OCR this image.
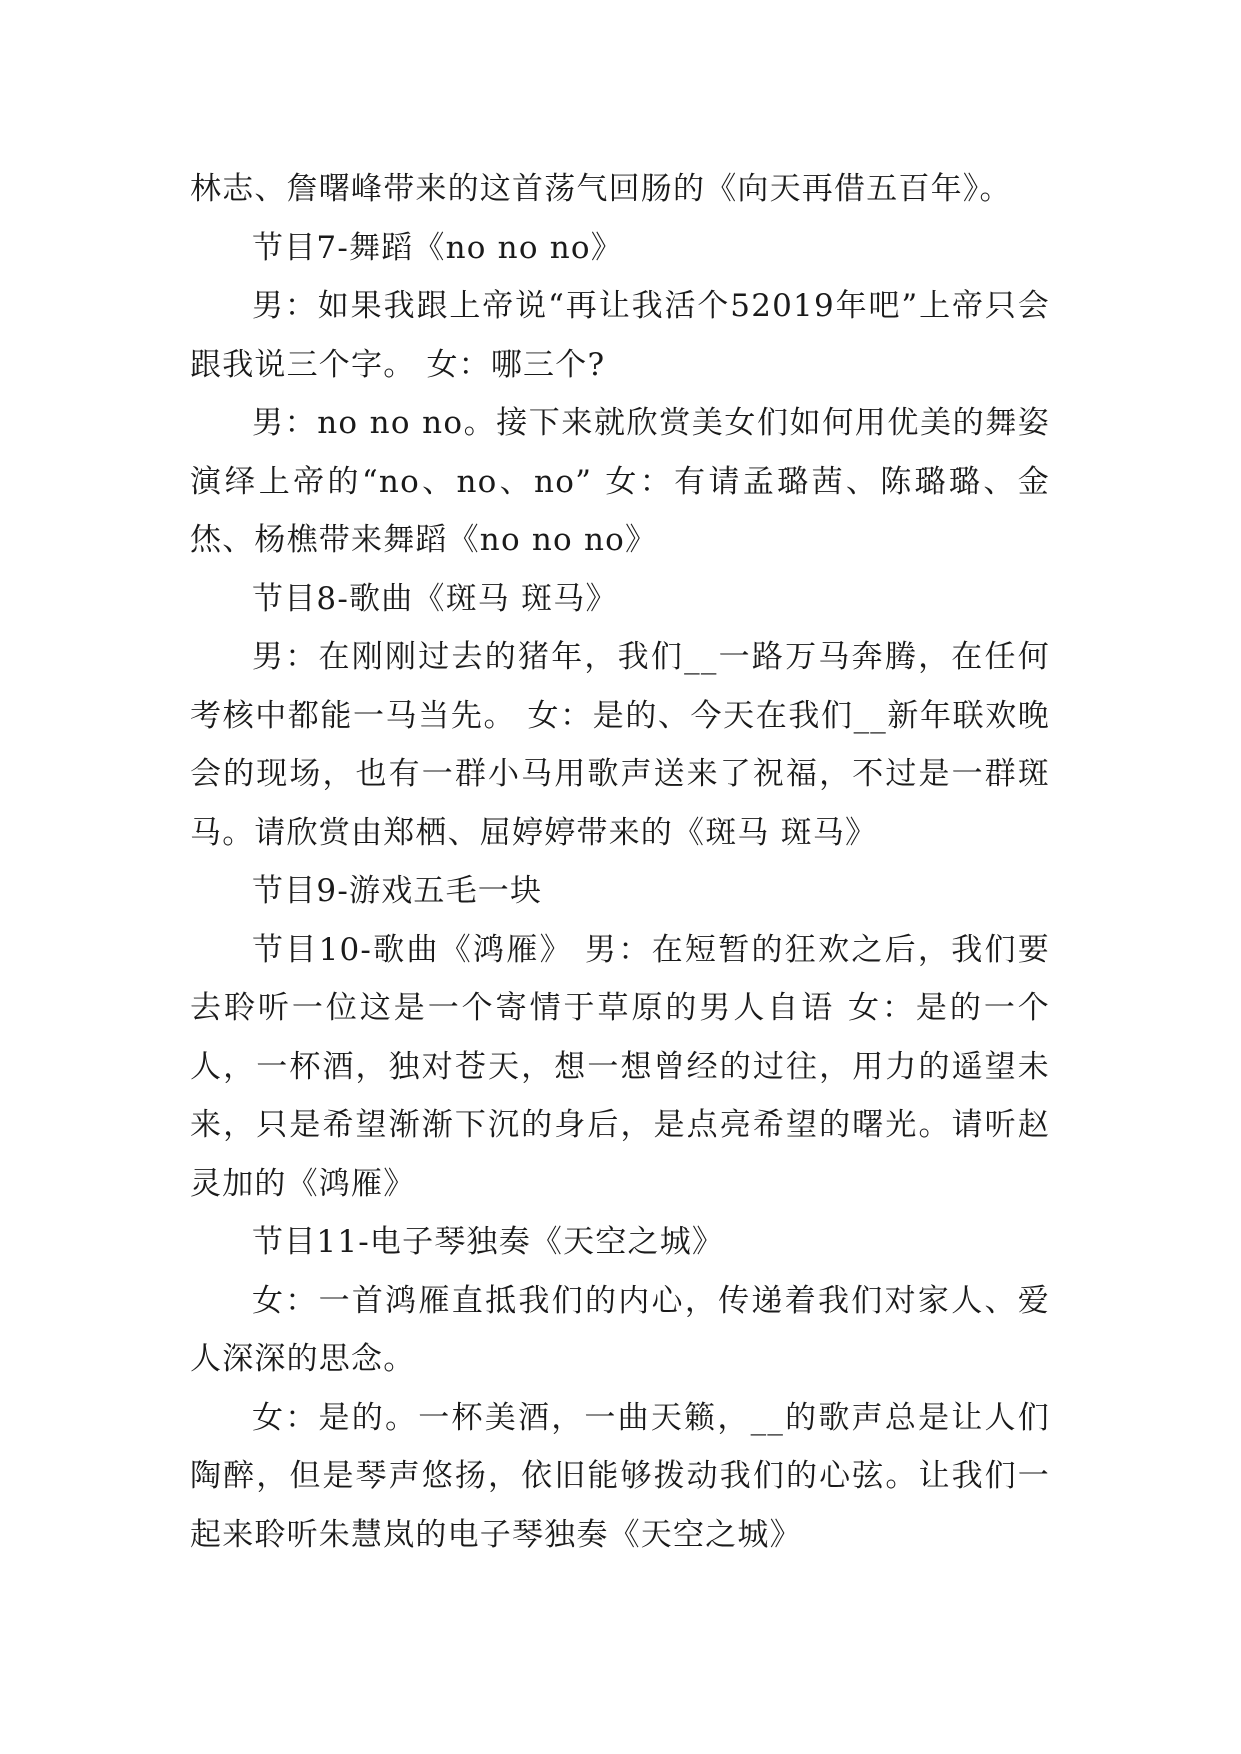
林志、詹曙峰带来的这首荡气回肠的《向天再借五百年》。

节目7-舞蹈《no no no》

男：如果我跟上帝说“再让我活个52019年吧”上帝只会跟我说三个字。 女：哪三个?

男：no no no。接下来就欣赏美女们如何用优美的舞姿演绎上帝的“no、no、no” 女：有请孟璐茜、陈璐璐、金烋、杨樵带来舞蹈《no no no》

节目8-歌曲《斑马 斑马》

男：在刚刚过去的猪年，我们__一路万马奔腾，在任何考核中都能一马当先。 女：是的、今天在我们__新年联欢晚会的现场，也有一群小马用歌声送来了祝福，不过是一群斑马。请欣赏由郑栖、屈婷婷带来的《斑马 斑马》

节目9-游戏五毛一块

节目10-歌曲《鸿雁》 男：在短暂的狂欢之后，我们要去聆听一位这是一个寄情于草原的男人自语 女：是的一个人，一杯酒，独对苍天，想一想曾经的过往，用力的遥望未来，只是希望渐渐下沉的身后，是点亮希望的曙光。请听赵灵加的《鸿雁》

节目11-电子琴独奏《天空之城》

女：一首鸿雁直抵我们的内心，传递着我们对家人、爱人深深的思念。

女：是的。一杯美酒，一曲天籁，__的歌声总是让人们陶醉，但是琴声悠扬，依旧能够拨动我们的心弦。让我们一起来聆听朱慧岚的电子琴独奏《天空之城》
